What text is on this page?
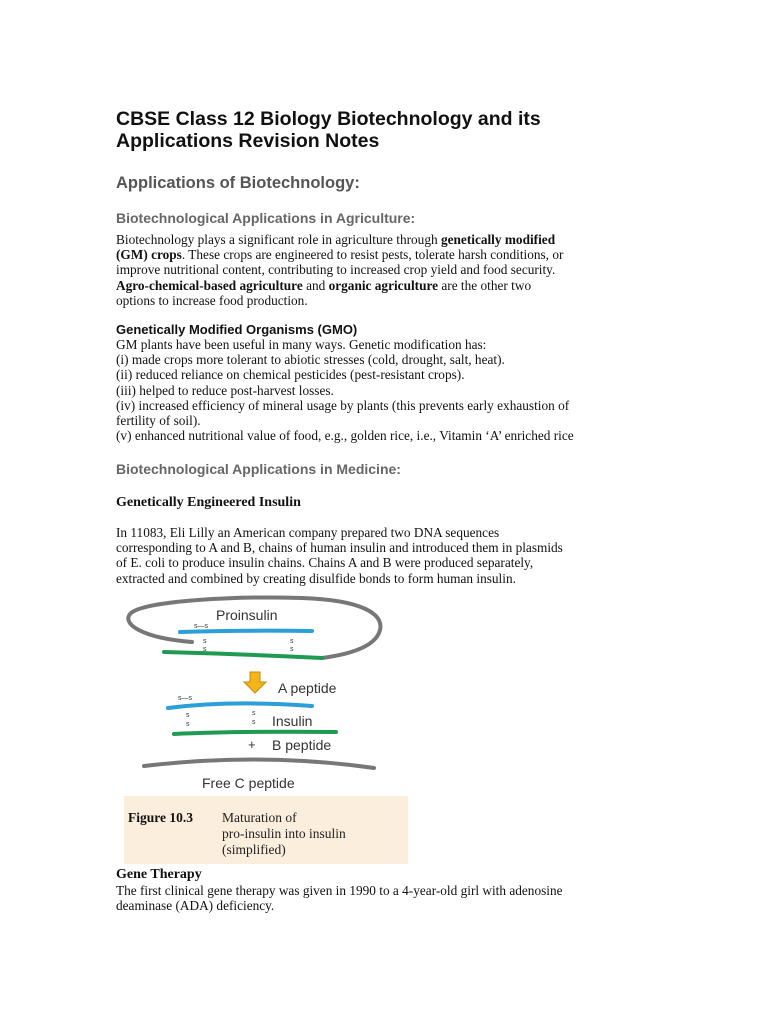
CBSE Class 12 Biology Biotechnology and its
Applications Revision Notes
Applications of Biotechnology:
Biotechnological Applications in Agriculture:
Biotechnology plays a significant role in agriculture through genetically modified
(GM) crops. These crops are engineered to resist pests, tolerate harsh conditions, or
improve nutritional content, contributing to increased crop yield and food security.
Agro-chemical-based agriculture and organic agriculture are the other two
options to increase food production.
Genetically Modified Organisms (GMO)
GM plants have been useful in many ways. Genetic modification has:
(i) made crops more tolerant to abiotic stresses (cold, drought, salt, heat).
(ii) reduced reliance on chemical pesticides (pest-resistant crops).
(iii) helped to reduce post-harvest losses.
(iv) increased efficiency of mineral usage by plants (this prevents early exhaustion of
fertility of soil).
(v) enhanced nutritional value of food, e.g., golden rice, i.e., Vitamin ‘A’ enriched rice
Biotechnological Applications in Medicine:
Genetically Engineered Insulin
In 11083, Eli Lilly an American company prepared two DNA sequences
corresponding to A and B, chains of human insulin and introduced them in plasmids
of E. coli to produce insulin chains. Chains A and B were produced separately,
extracted and combined by creating disulfide bonds to form human insulin.
Gene Therapy
The first clinical gene therapy was given in 1990 to a 4-year-old girl with adenosine
deaminase (ADA) deficiency.
Proinsulin
s—s
s
s
s
s
A peptide
s—s
s
s
s
s Insulin
+ B peptide
Free C peptide
Figure 10.3 Maturation of
pro-insulin into insulin
(simplified)
